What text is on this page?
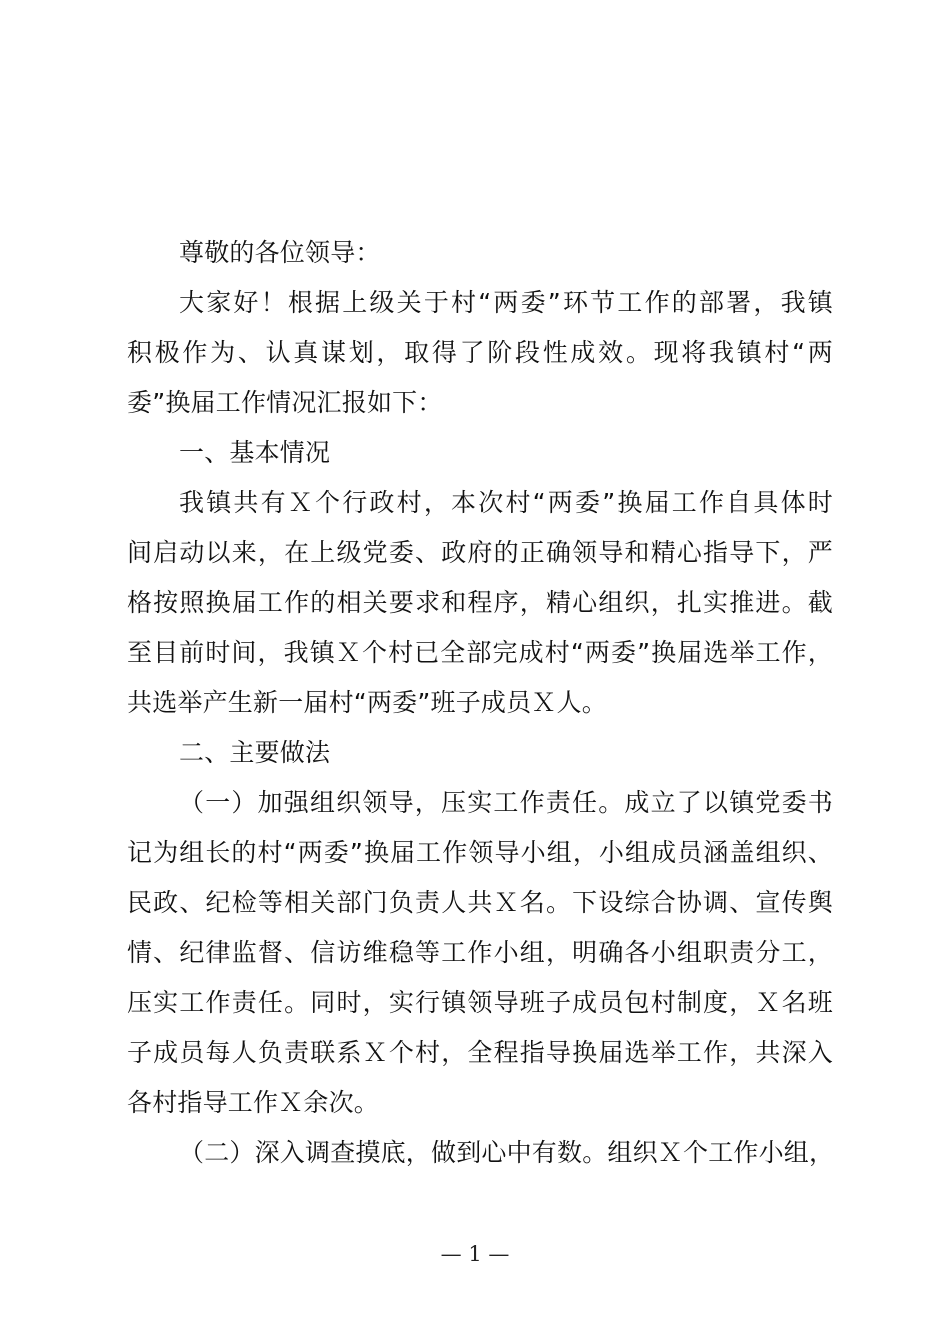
尊敬的各位领导：
大家好！根据上级关于村“两委”环节工作的部署，我镇
积极作为、认真谋划，取得了阶段性成效。现将我镇村“两
委”换届工作情况汇报如下：
一、基本情况
我镇共有Ｘ个行政村，本次村“两委”换届工作自具体时
间启动以来，在上级党委、政府的正确领导和精心指导下，严
格按照换届工作的相关要求和程序，精心组织，扎实推进。截
至目前时间，我镇Ｘ个村已全部完成村“两委”换届选举工作，
共选举产生新一届村“两委”班子成员Ｘ人。
二、主要做法
（一）加强组织领导，压实工作责任。成立了以镇党委书
记为组长的村“两委”换届工作领导小组，小组成员涵盖组织、
民政、纪检等相关部门负责人共Ｘ名。下设综合协调、宣传舆
情、纪律监督、信访维稳等工作小组，明确各小组职责分工，
压实工作责任。同时，实行镇领导班子成员包村制度，Ｘ名班
子成员每人负责联系Ｘ个村，全程指导换届选举工作，共深入
各村指导工作Ｘ余次。
（二）深入调查摸底，做到心中有数。组织Ｘ个工作小组，
— 1 —
